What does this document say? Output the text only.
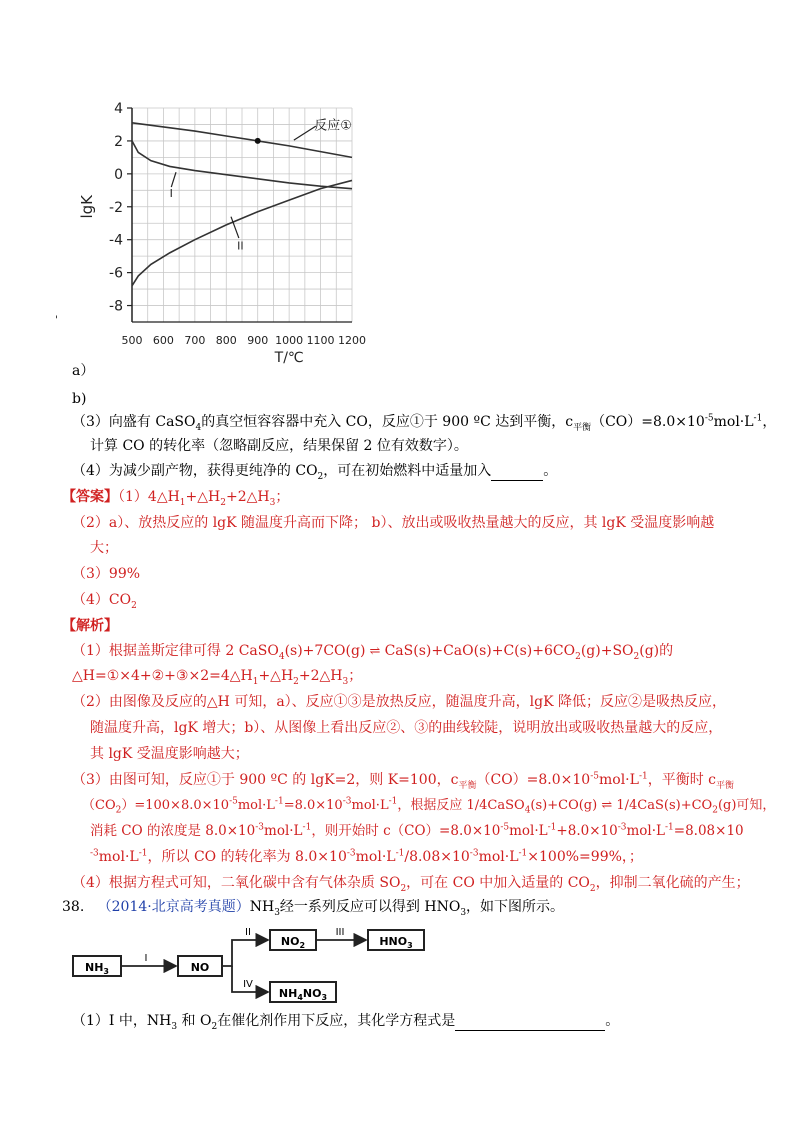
4
2
0
-2
-4
-6
-8
500 600 700 800 900 1000 1100 1200
lgK
T/℃
反应①
I
II
'
a）
b)
（3）向盛有 CaSO$_4$的真空恒容容器中充入 CO，反应①于 900 ºC 达到平衡，$c_{平衡}(CO)=8.0\times 10^{-5}mol\cdot L^{-1}$，
计算 CO 的转化率（忽略副反应，结果保留 2 位有效数字）。
（4）为减少副产物，获得更纯净的 $CO_2$，可在初始燃料中适量加入	。
【答案】$(1)4\triangle H_1+\triangle H_2+2\triangle H_3$；
（2）a）、放热反应的 lgK 随温度升高而下降； b）、放出或吸收热量越大的反应，其 lgK 受温度影响越
大；
（3）99%
$(4)CO_2$
【解析】
（1）根据盖斯定律可得 2 CaSO$_4$(s)+7CO(g) ⇌ $CaS(s)+CaO(s)+C(s)+6CO_2(g)+SO_2(g)$的
$\triangle H=①\times 4+②+③\times 2=4\triangle H_1+\triangle H_2+2\triangle H_3$；
（2）由图像及反应的△H 可知，a）、反应①③是放热反应，随温度升高，lgK 降低；反应②是吸热反应，
随温度升高，lgK 增大；b）、从图像上看出反应②、③的曲线较陡，说明放出或吸收热量越大的反应，
其 lgK 受温度影响越大；
（3）由图可知，反应①于 900 ºC 的 lgK=2，则 K=100，$c_{平衡}(CO)=8.0\times 10^{-5}mol\cdot L^{-1}$，平衡时 $c_{平衡}$
$(CO_2)=100\times 8.0\times 10^{-5}mol\cdot L^{-1}=8.0\times 10^{-3}mol\cdot L^{-1}$，根据反应 1/4CaSO$_4$(s)+CO(g) ⇌ $1/4CaS(s)+CO_2(g)$可知，
消耗 CO 的浓度是 $8.0\times 10^{-3}mol\cdot L^{-1}$，则开始时 $c(CO)=8.0\times 10^{-5}mol\cdot L^{-1}+8.0\times 10^{-3}mol\cdot L^{-1}=8.08\times 10$
$^{-3}mol\cdot L^{-1}$，所以 CO 的转化率为 $8.0\times 10^{-3}mol\cdot L^{-1}/8.08\times 10^{-3}mol\cdot L^{-1}\times 100\%=99\%$，；
（4）根据方程式可知，二氧化碳中含有气体杂质 $SO_2$，可在 CO 中加入适量的 $CO_2$，抑制二氧化硫的产生；
38. （2014·北京高考真题）$NH_3$经一系列反应可以得到 $HNO_3$，如下图所示。
$NH_3$
I
NO
II
IV
$NO_2$
III
$HNO_3$
$NH_4NO_3$
（1）I 中，$NH_3$ 和 $O_2$在催化剂作用下反应，其化学方程式是	。
